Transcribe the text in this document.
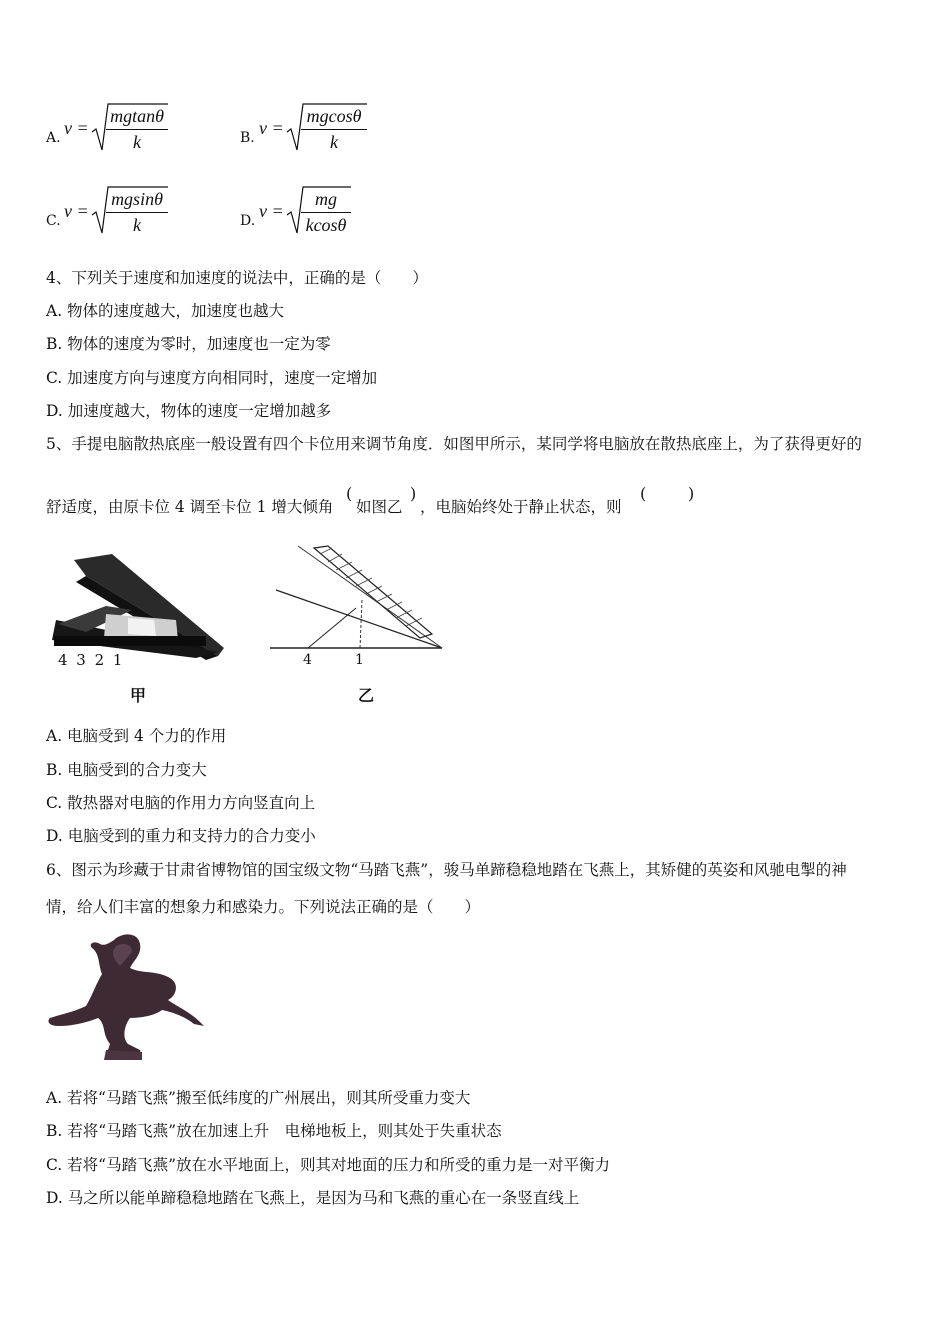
A. v =
mgtanθ
k	B. v =
mgcosθ
k
C. v =
mgsinθ
k	D. v =
mg
kcosθ
4、下列关于速度和加速度的说法中，正确的是（　　）
A. 物体的速度越大，加速度也越大
B. 物体的速度为零时，加速度也一定为零
C. 加速度方向与速度方向相同时，速度一定增加
D. 加速度越大，物体的速度一定增加越多
5、手提电脑散热底座一般设置有四个卡位用来调节角度．如图甲所示，某同学将电脑放在散热底座上，为了获得更好的
舒适度，由原卡位 4 调至卡位 1 增大倾角
(
如图乙
)
，电脑始终处于静止状态，则
(	)
4 3 2 1
甲
4	1
乙
A. 电脑受到 4 个力的作用
B. 电脑受到的合力变大
C. 散热器对电脑的作用力方向竖直向上
D. 电脑受到的重力和支持力的合力变小
6、图示为珍藏于甘肃省博物馆的国宝级文物“马踏飞燕”，骏马单蹄稳稳地踏在飞燕上，其矫健的英姿和风驰电掣的神
情，给人们丰富的想象力和感染力。下列说法正确的是（　　）
A. 若将“马踏飞燕”搬至低纬度的广州展出，则其所受重力变大
B. 若将“马踏飞燕”放在加速上升　电梯地板上，则其处于失重状态
C. 若将“马踏飞燕”放在水平地面上，则其对地面的压力和所受的重力是一对平衡力
D. 马之所以能单蹄稳稳地踏在飞燕上，是因为马和飞燕的重心在一条竖直线上
